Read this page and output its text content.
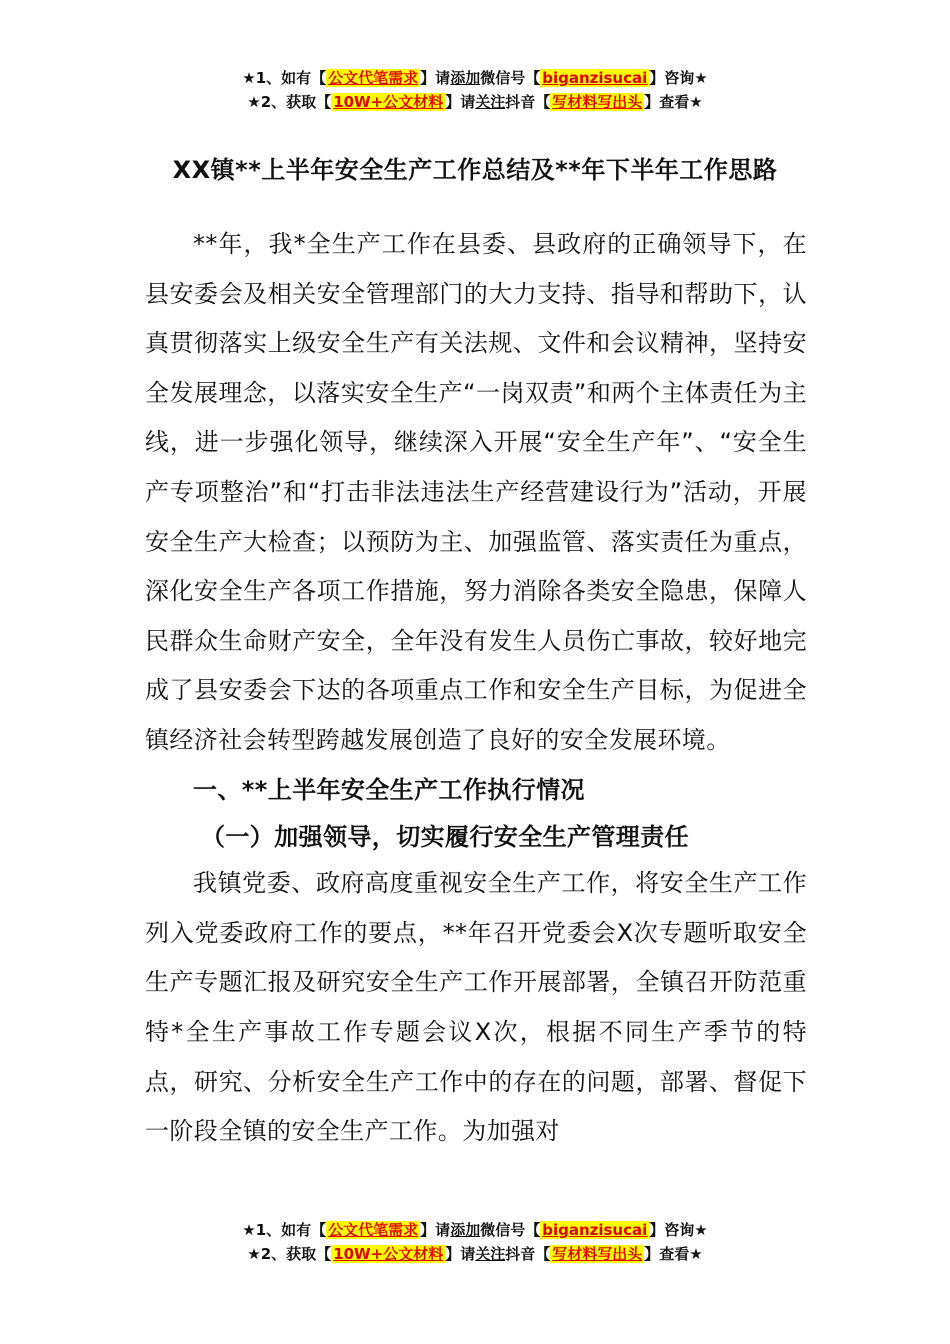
★1、如有【 公文代笔需求 】请添加微信号【 biganzisucai 】咨询★
★2、获取【 10W+公文材料 】请关注抖音【 写材料写出头 】查看★
XX镇**上半年安全生产工作总结及**年下半年工作思路

**年，我*全生产工作在县委、县政府的正确领导下，在县安委会及相关安全管理部门的大力支持、指导和帮助下，认真贯彻落实上级安全生产有关法规、文件和会议精神，坚持安全发展理念，以落实安全生产“一岗双责”和两个主体责任为主线，进一步强化领导，继续深入开展“安全生产年”、“安全生产专项整治”和“打击非法违法生产经营建设行为”活动，开展安全生产大检查；以预防为主、加强监管、落实责任为重点，深化安全生产各项工作措施，努力消除各类安全隐患，保障人民群众生命财产安全，全年没有发生人员伤亡事故，较好地完成了县安委会下达的各项重点工作和安全生产目标，为促进全镇经济社会转型跨越发展创造了良好的安全发展环境。

一、**上半年安全生产工作执行情况
（一）加强领导，切实履行安全生产管理责任

我镇党委、政府高度重视安全生产工作，将安全生产工作列入党委政府工作的要点，**年召开党委会X次专题听取安全生产专题汇报及研究安全生产工作开展部署，全镇召开防范重特*全生产事故工作专题会议X次，根据不同生产季节的特点，研究、分析安全生产工作中的存在的问题，部署、督促下一阶段全镇的安全生产工作。为加强对

★1、如有【 公文代笔需求 】请添加微信号【 biganzisucai 】咨询★
★2、获取【 10W+公文材料 】请关注抖音【 写材料写出头 】查看★
